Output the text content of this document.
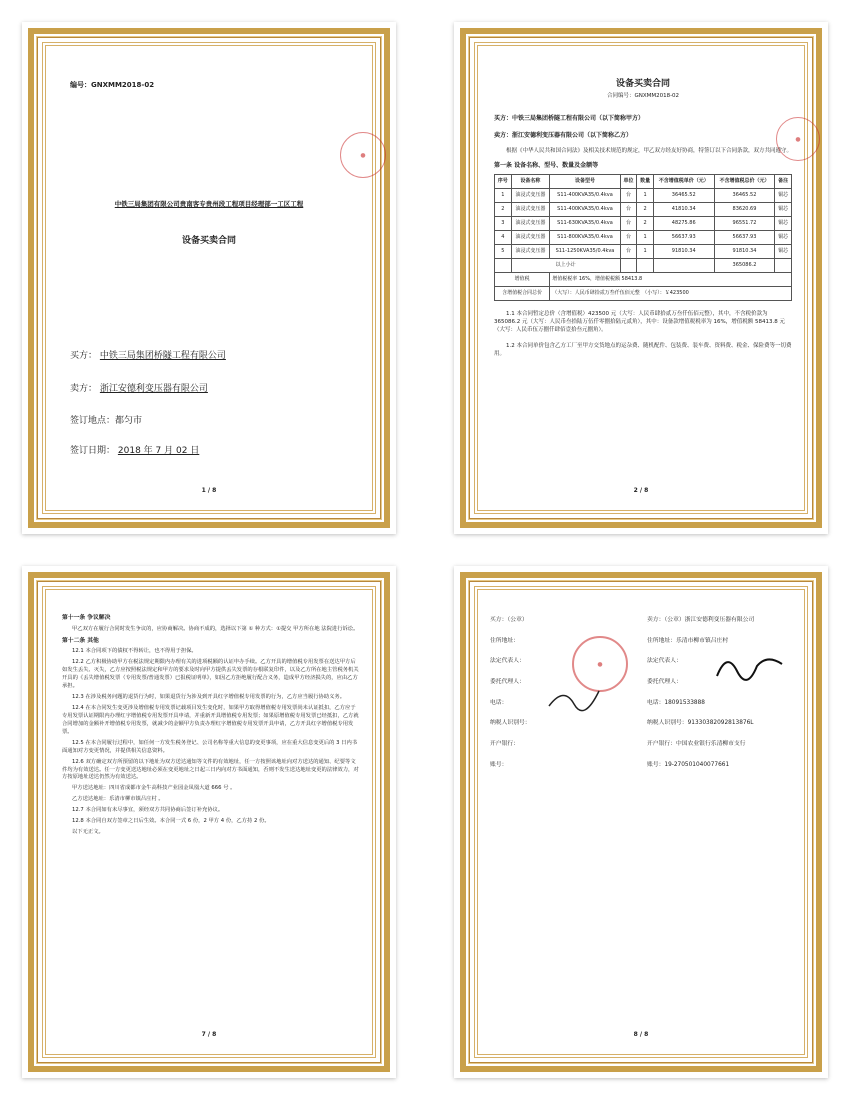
编号：GNXMM2018-02
中铁三局集团有限公司贵南客专贵州段工程项目经理部一工区工程
设备买卖合同
买方： 中铁三局集团桥隧工程有限公司
卖方： 浙江安德利变压器有限公司
签订地点：都匀市
签订日期： 2018 年 7 月 02 日
●
1 / 8
设备买卖合同
合同编号：GNXMM2018-02

买方：中铁三局集团桥隧工程有限公司（以下简称甲方）

卖方：浙江安德利变压器有限公司（以下简称乙方）

根据《中华人民共和国合同法》及相关技术规范的规定，甲乙双方经友好协商，特签订以下合同条款，双方共同遵守。

第一条 设备名称、型号、数量及金额等

序号	设备名称	设备型号	单位	数量	不含增值税单价（元）	不含增值税总价（元）	备注
1	油浸式变压器	S11-400KVA35/0.4kva	台	1	36465.52	36465.52	铜芯
2	油浸式变压器	S11-400KVA35/0.4kva	台	2	41810.34	83620.69	铜芯
3	油浸式变压器	S11-630KVA35/0.4kva	台	2	48275.86	96551.72	铜芯
4	油浸式变压器	S11-800KVA35/0.4kva	台	1	56637.93	56637.93	铜芯
5	油浸式变压器	S11-1250KVA35/0.4kva	台	1	91810.34	91810.34	铜芯
	以上小计					365086.2	
增值税		增值税税率 16%，增值税税额 58413.8					
含增值税合同总价		（大写）：人民币肆拾贰万叁仟伍佰元整　（小写）：￥423500					

1.1 本合同暂定总价（含增值税）423500 元（大写：人民币肆拾贰万叁仟伍佰元整），其中，不含税价款为 365086.2 元（大写：人民币叁拾陆万伍仟零捌拾陆元贰角），其中：设备款增值税税率为 16%，增值税额 58413.8 元（大写：人民币伍万捌仟肆佰壹拾叁元捌角）。

1.2 本合同单价包含乙方工厂至甲方交货地点的运杂费、随机配件、包装费、装车费、资料费、税金、保险费等一切费用。

●
2 / 8

第十一条 争议解决

甲乙双方在履行合同时发生争议的，应协商解决。协商不成的，选择以下第 ① 种方式：①提交 甲方所在地 法院进行诉讼。

第十二条 其他

12.1 本合同项下的债权不得转让，也不得用于担保。

12.2 乙方积极协助甲方在税法规定期限内办理有关的进项税额的认证申办手续。乙方开具的增值税专用发票在送达甲方后如发生丢失、灭失，乙方应按照税法规定和甲方的要求及时向甲方提供丢失发票的存根联复印件，以及乙方所在地主管税务机关开具的《丢失增值税发票（专用发票/普通发票）已报税证明单》，如因乙方拒绝履行配合义务，造成甲方经济损失的，应由乙方承担。

12.3 在涉及税务问题的退货行为时，如果退货行为涉及到开具红字增值税专用发票的行为，乙方应当履行协助义务。

12.4 在本合同发生变更涉及增值税专用发票记载项目发生变化时，如果甲方取得增值税专用发票尚未认证抵扣，乙方应于专用发票认证期限内办理红字增值税专用发票开具申请，并重新开具增值税专用发票；如果原增值税专用发票已经抵扣，乙方就合同增加的金额补开增值税专用发票，就减少的金额甲方负责办理红字增值税专用发票开具申请，乙方开具红字增值税专用发票。

12.5 在本合同履行过程中，如任何一方发生税务登记、公司名称等重大信息的变更事项，应在重大信息变更后的 3 日内书面通知对方变更情况，并提供相关信息资料。

12.6 双方确定双方所预留的以下地址为双方送达通知等文件的有效地址，任一方按照该地址向对方送达的通知、纪要等文件均为有效送达。任一方变更送达地址必须在变更地址之日起三日内向对方书面通知，否则不发生送达地址变更的法律效力，对方按原地址送达仍然为有效送达。

甲方送达地址：四川省成都市金牛高科技产业园金凤凰大道 666 号 。

乙方送达地址：乐清市柳市镇吕庄村 。

12.7 本合同如有未尽事宜，须经双方共同协商后签订补充协议。

12.8 本合同自双方签章之日后生效。本合同一式 6 份，2 甲方 4 份，乙方持 2 份。

以下无正文。

7 / 8
买方：（公章）	卖方：（公章）浙江安德利变压器有限公司
住所地址：	住所地址：乐清市柳市镇吕庄村
法定代表人：	法定代表人：
委托代理人：	委托代理人：
电话：	电话：18091533888
纳税人识别号：	纳税人识别号：91330382092813876L
开户银行：	开户银行：中国农业银行乐清柳市支行
账号：	账号：19-270501040077661
●
8 / 8
